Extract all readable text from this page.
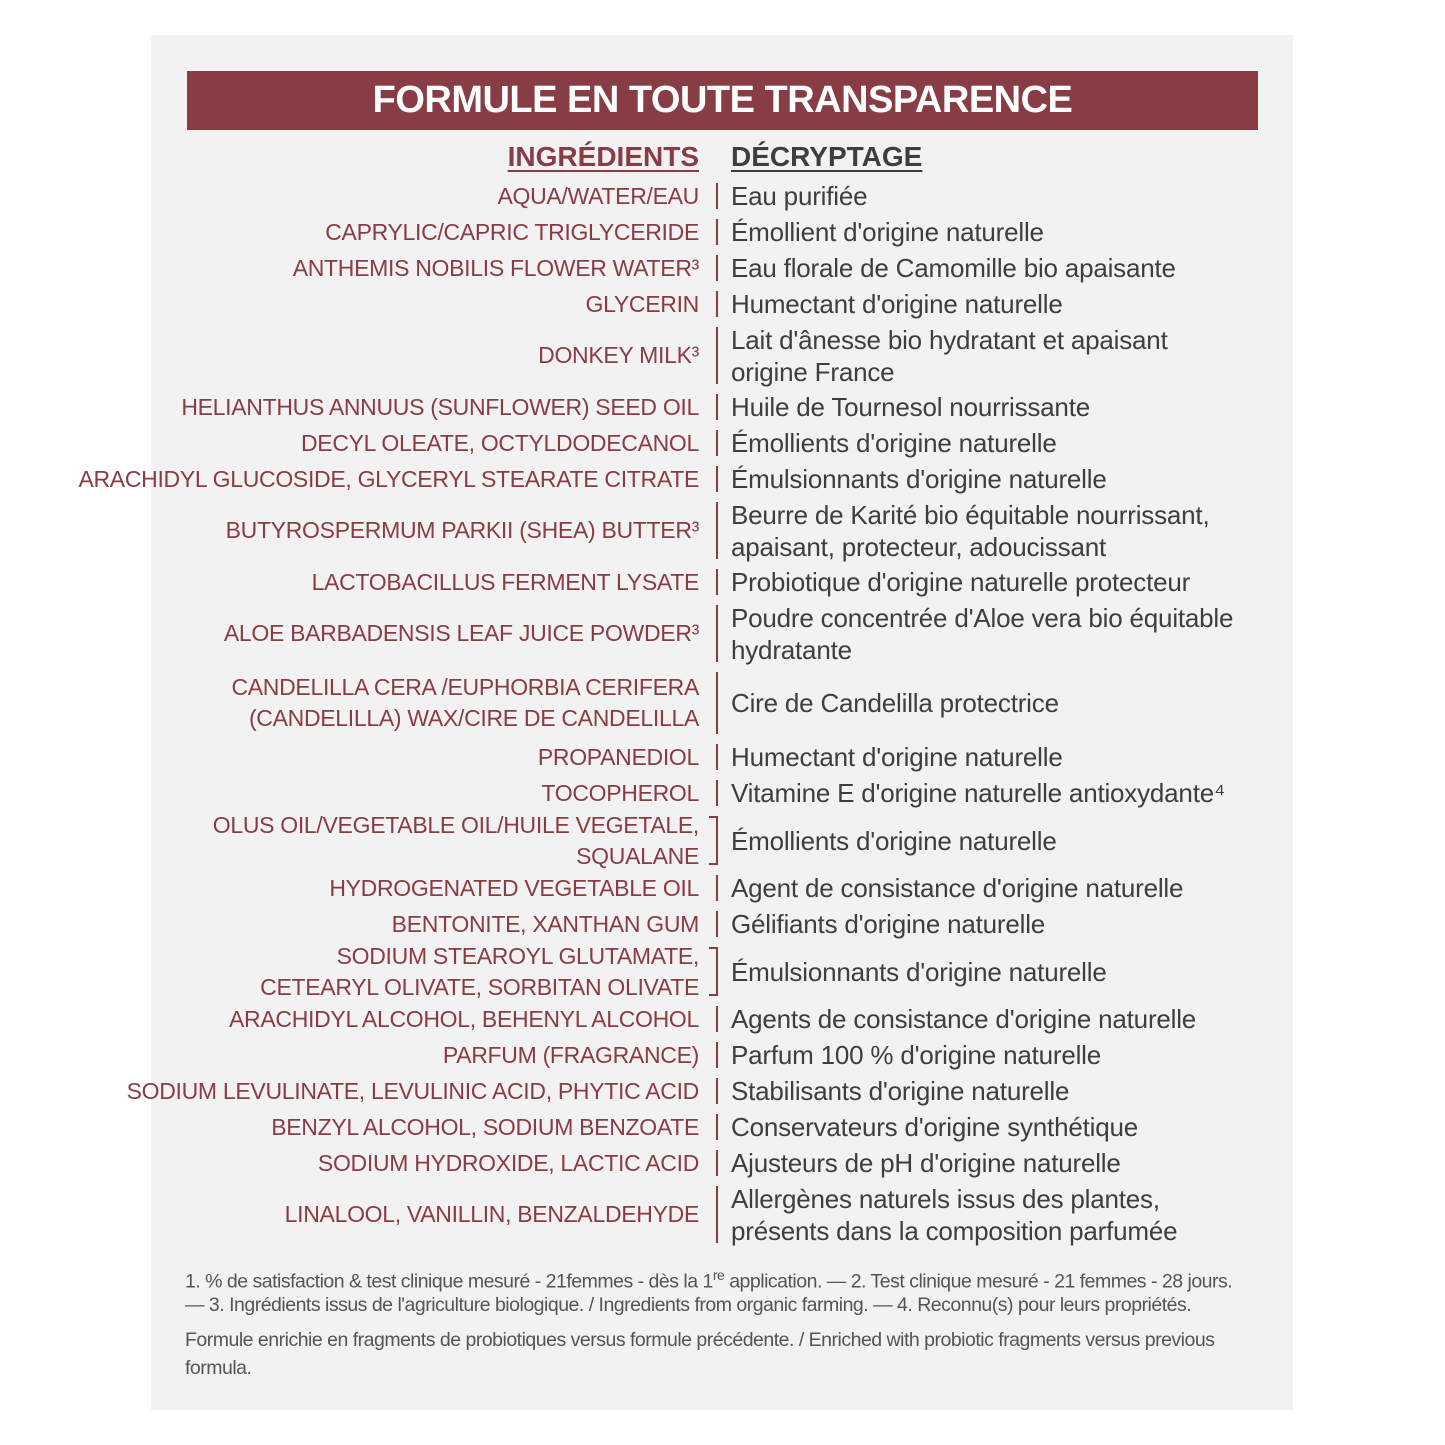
FORMULE EN TOUTE TRANSPARENCE
INGRÉDIENTS DÉCRYPTAGE
AQUA/WATER/EAU Eau purifiée
CAPRYLIC/CAPRIC TRIGLYCERIDE Émollient d'origine naturelle
ANTHEMIS NOBILIS FLOWER WATER³ Eau florale de Camomille bio apaisante
GLYCERIN Humectant d'origine naturelle
DONKEY MILK³
Lait d'ânesse bio hydratant et apaisant
origine France
HELIANTHUS ANNUUS (SUNFLOWER) SEED OIL Huile de Tournesol nourrissante
DECYL OLEATE, OCTYLDODECANOL Émollients d'origine naturelle
ARACHIDYL GLUCOSIDE, GLYCERYL STEARATE CITRATE Émulsionnants d'origine naturelle
BUTYROSPERMUM PARKII (SHEA) BUTTER³
Beurre de Karité bio équitable nourrissant,
apaisant, protecteur, adoucissant
LACTOBACILLUS FERMENT LYSATE Probiotique d'origine naturelle protecteur
ALOE BARBADENSIS LEAF JUICE POWDER³
Poudre concentrée d'Aloe vera bio équitable
hydratante
CANDELILLA CERA /EUPHORBIA CERIFERA
(CANDELILLA) WAX/CIRE DE CANDELILLA Cire de Candelilla protectrice
PROPANEDIOL Humectant d'origine naturelle
TOCOPHEROL Vitamine E d'origine naturelle antioxydante⁴
OLUS OIL/VEGETABLE OIL/HUILE VEGETALE,
SQUALANE Émollients d'origine naturelle
HYDROGENATED VEGETABLE OIL Agent de consistance d'origine naturelle
BENTONITE, XANTHAN GUM Gélifiants d'origine naturelle
SODIUM STEAROYL GLUTAMATE,
CETEARYL OLIVATE, SORBITAN OLIVATE Émulsionnants d'origine naturelle
ARACHIDYL ALCOHOL, BEHENYL ALCOHOL Agents de consistance d'origine naturelle
PARFUM (FRAGRANCE) Parfum 100 % d'origine naturelle
SODIUM LEVULINATE, LEVULINIC ACID, PHYTIC ACID Stabilisants d'origine naturelle
BENZYL ALCOHOL, SODIUM BENZOATE Conservateurs d'origine synthétique
SODIUM HYDROXIDE, LACTIC ACID Ajusteurs de pH d'origine naturelle
LINALOOL, VANILLIN, BENZALDEHYDE
Allergènes naturels issus des plantes,
présents dans la composition parfumée
1. % de satisfaction & test clinique mesuré - 21femmes - dès la 1re application. — 2. Test clinique mesuré - 21 femmes - 28 jours.
— 3. Ingrédients issus de l'agriculture biologique. / Ingredients from organic farming. — 4. Reconnu(s) pour leurs propriétés.
Formule enrichie en fragments de probiotiques versus formule précédente. / Enriched with probiotic fragments versus previous
formula.
